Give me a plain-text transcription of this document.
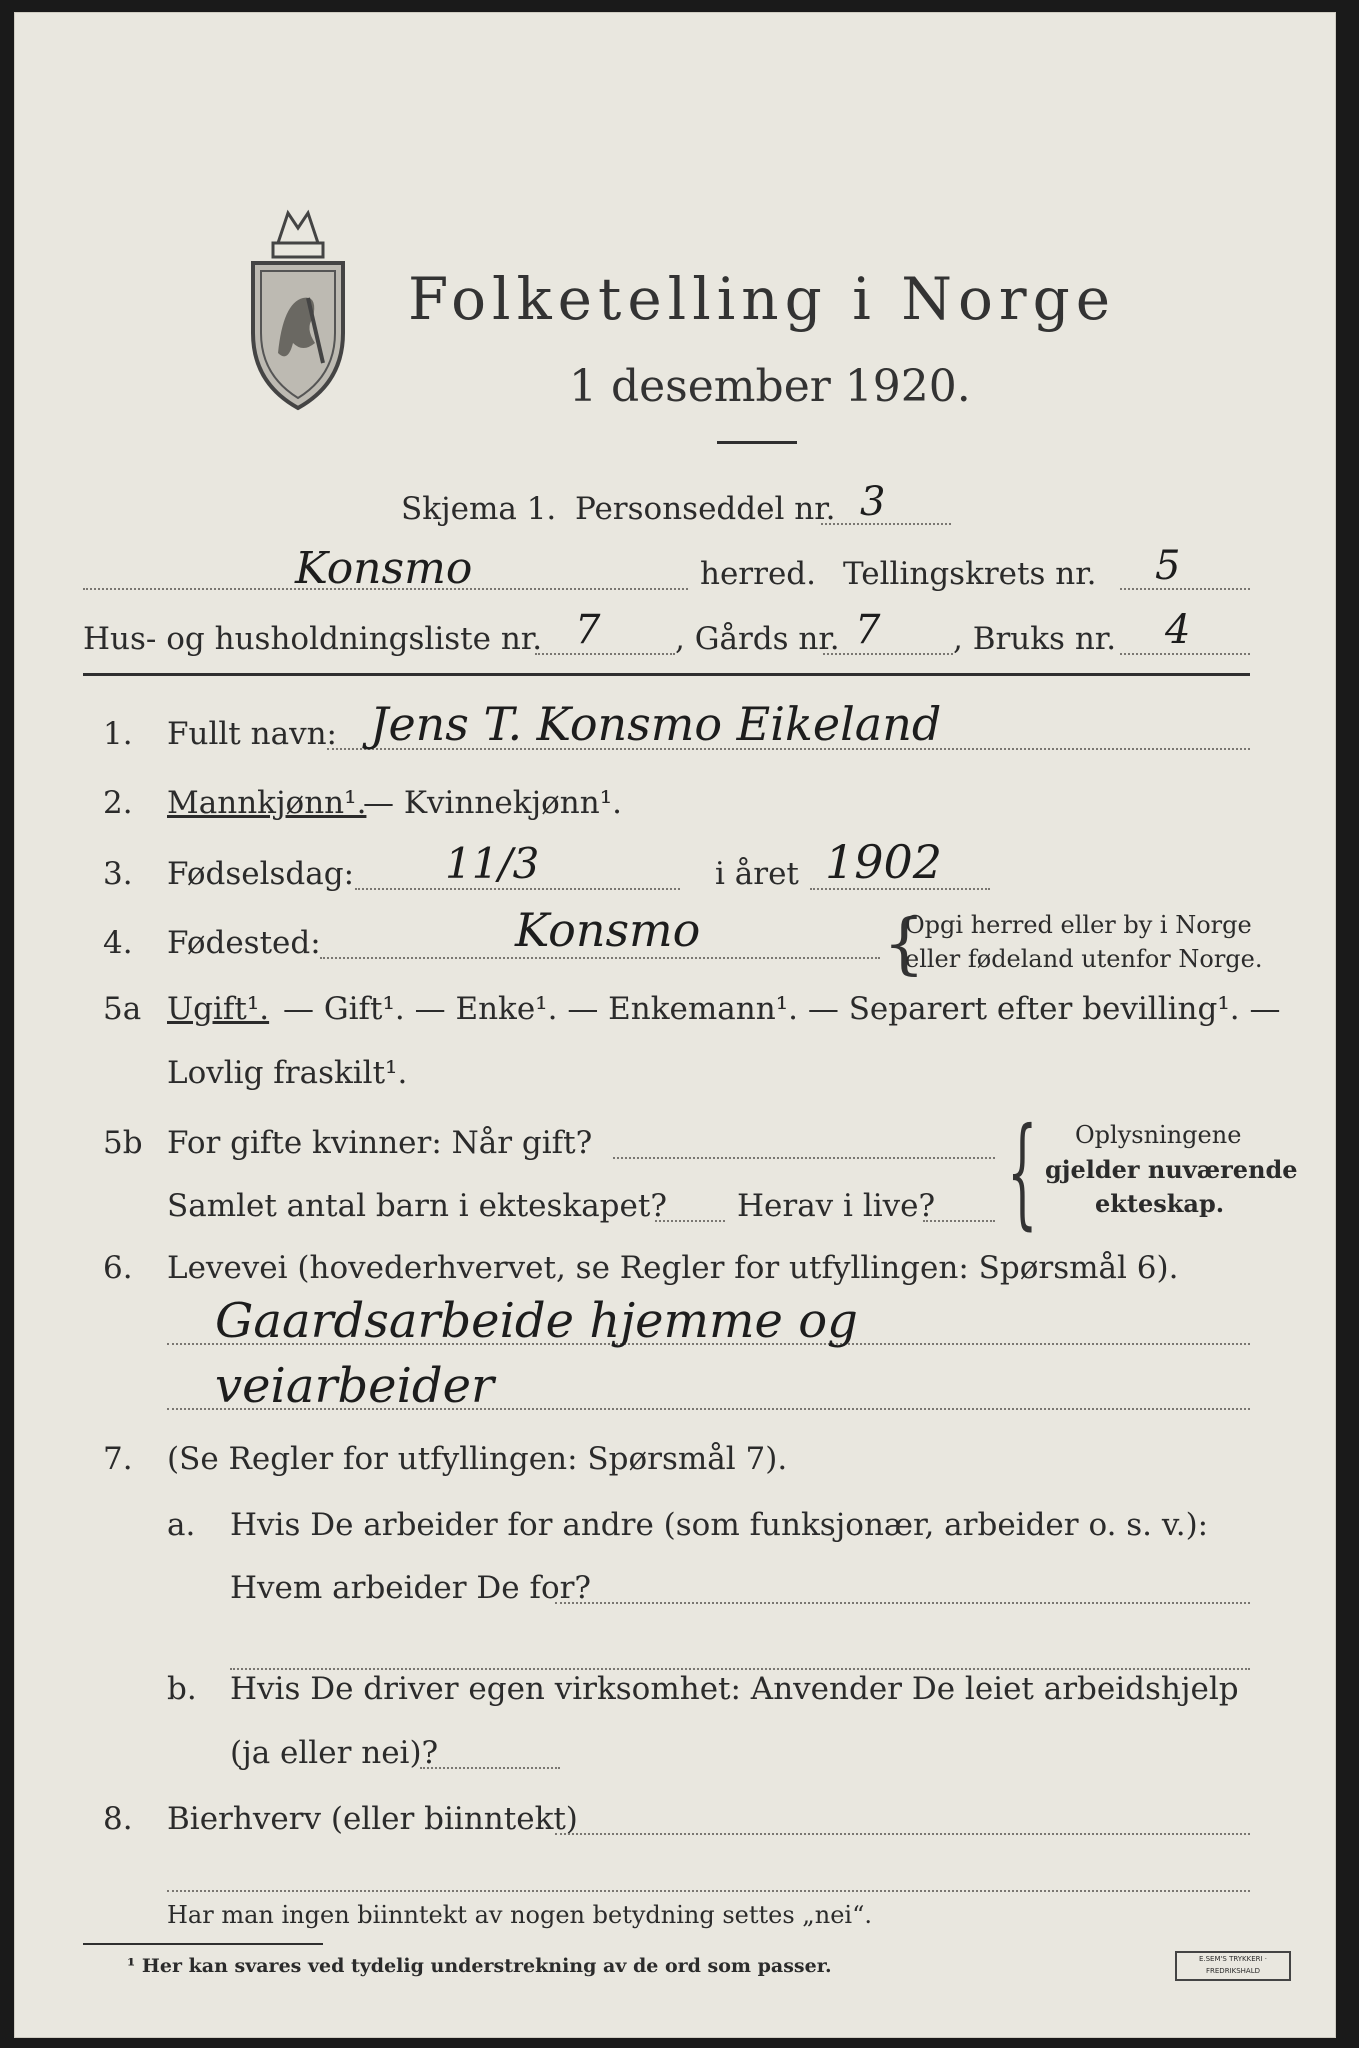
Folketelling i Norge
1 desember 1920.
Skjema 1. Personseddel nr. 3
Konsmo	herred. Tellingskrets nr. 5
Hus- og husholdningsliste nr. 7 , Gårds nr. 7 , Bruks nr. 4
1. Fullt navn: Jens T. Konsmo Eikeland
2. Mannkjønn¹.
— Kvinnekjønn¹.
3. Fødselsdag: 11/3	i året 1902
4. Fødested:	Konsmo	{
Opgi herred eller by i Norge
eller fødeland utenfor Norge.
5a Ugift¹. — Gift¹. — Enke¹. — Enkemann¹. — Separert efter bevilling¹. —
Lovlig fraskilt¹.
5b For gifte kvinner: Når gift?
Samlet antal barn i ekteskapet? Herav i live? { Oplysningene
gjelder nuværende
ekteskap.
6. Levevei (hovederhvervet, se Regler for utfyllingen: Spørsmål 6).
Gaardsarbeide hjemme og
veiarbeider
7. (Se Regler for utfyllingen: Spørsmål 7).
a. Hvis De arbeider for andre (som funksjonær, arbeider o. s. v.):
Hvem arbeider De for?
b. Hvis De driver egen virksomhet: Anvender De leiet arbeidshjelp
(ja eller nei)?
8. Bierhverv (eller biinntekt)
Har man ingen biinntekt av nogen betydning settes „nei“.
¹ Her kan svares ved tydelig understrekning av de ord som passer.	E.SEM'S TRYKKERI · FREDRIKSHALD
